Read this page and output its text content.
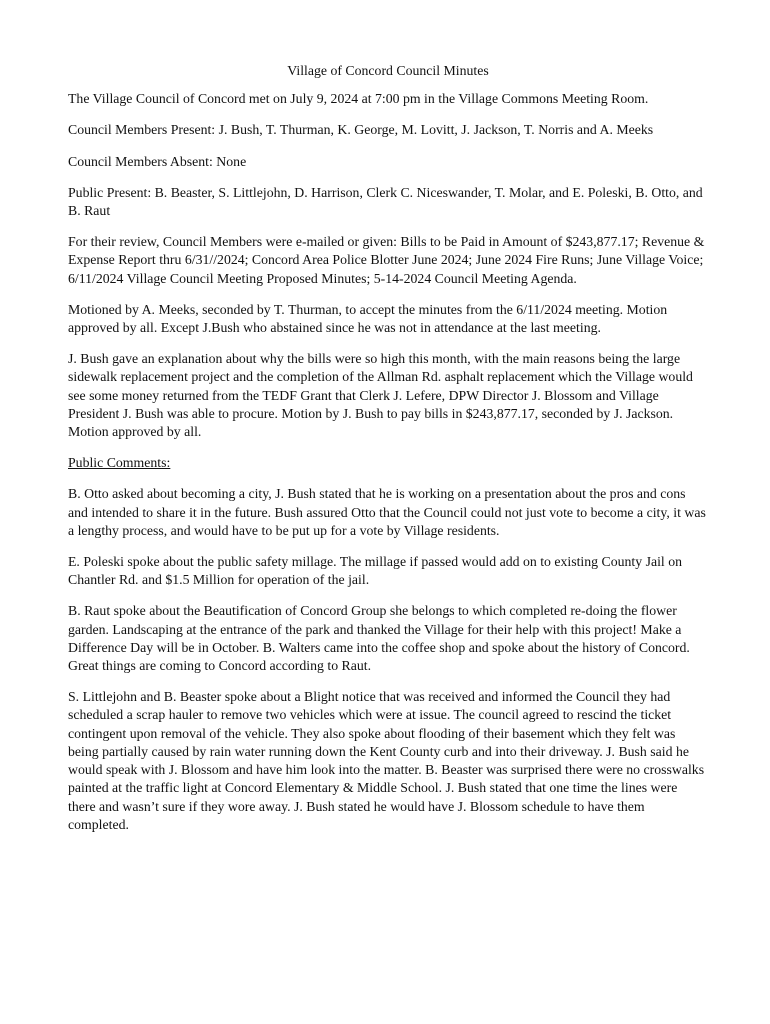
Village of Concord Council Minutes

The Village Council of Concord met on July 9, 2024 at 7:00 pm in the Village Commons Meeting Room.

Council Members Present: J. Bush, T. Thurman, K. George, M. Lovitt, J. Jackson, T. Norris and A. Meeks

Council Members Absent: None

Public Present: B. Beaster, S. Littlejohn, D. Harrison, Clerk C. Niceswander, T. Molar, and E. Poleski, B. Otto, and B. Raut

For their review, Council Members were e-mailed or given: Bills to be Paid in Amount of $243,877.17; Revenue & Expense Report thru 6/31//2024; Concord Area Police Blotter June 2024; June 2024 Fire Runs; June Village Voice; 6/11/2024 Village Council Meeting Proposed Minutes; 5-14-2024 Council Meeting Agenda.

Motioned by A. Meeks, seconded by T. Thurman, to accept the minutes from the 6/11/2024 meeting. Motion approved by all. Except J.Bush who abstained since he was not in attendance at the last meeting.

J. Bush gave an explanation about why the bills were so high this month, with the main reasons being the large sidewalk replacement project and the completion of the Allman Rd. asphalt replacement which the Village would see some money returned from the TEDF Grant that Clerk J. Lefere, DPW Director J. Blossom and Village President J. Bush was able to procure. Motion by J. Bush to pay bills in $243,877.17, seconded by J. Jackson. Motion approved by all.

Public Comments:

B. Otto asked about becoming a city, J. Bush stated that he is working on a presentation about the pros and cons and intended to share it in the future. Bush assured Otto that the Council could not just vote to become a city, it was a lengthy process, and would have to be put up for a vote by Village residents.

E. Poleski spoke about the public safety millage. The millage if passed would add on to existing County Jail on Chantler Rd. and $1.5 Million for operation of the jail.

B. Raut spoke about the Beautification of Concord Group she belongs to which completed re-doing the flower garden. Landscaping at the entrance of the park and thanked the Village for their help with this project! Make a Difference Day will be in October. B. Walters came into the coffee shop and spoke about the history of Concord. Great things are coming to Concord according to Raut.

S. Littlejohn and B. Beaster spoke about a Blight notice that was received and informed the Council they had scheduled a scrap hauler to remove two vehicles which were at issue. The council agreed to rescind the ticket contingent upon removal of the vehicle. They also spoke about flooding of their basement which they felt was being partially caused by rain water running down the Kent County curb and into their driveway. J. Bush said he would speak with J. Blossom and have him look into the matter. B. Beaster was surprised there were no crosswalks painted at the traffic light at Concord Elementary & Middle School. J. Bush stated that one time the lines were there and wasn’t sure if they wore away. J. Bush stated he would have J. Blossom schedule to have them completed.
